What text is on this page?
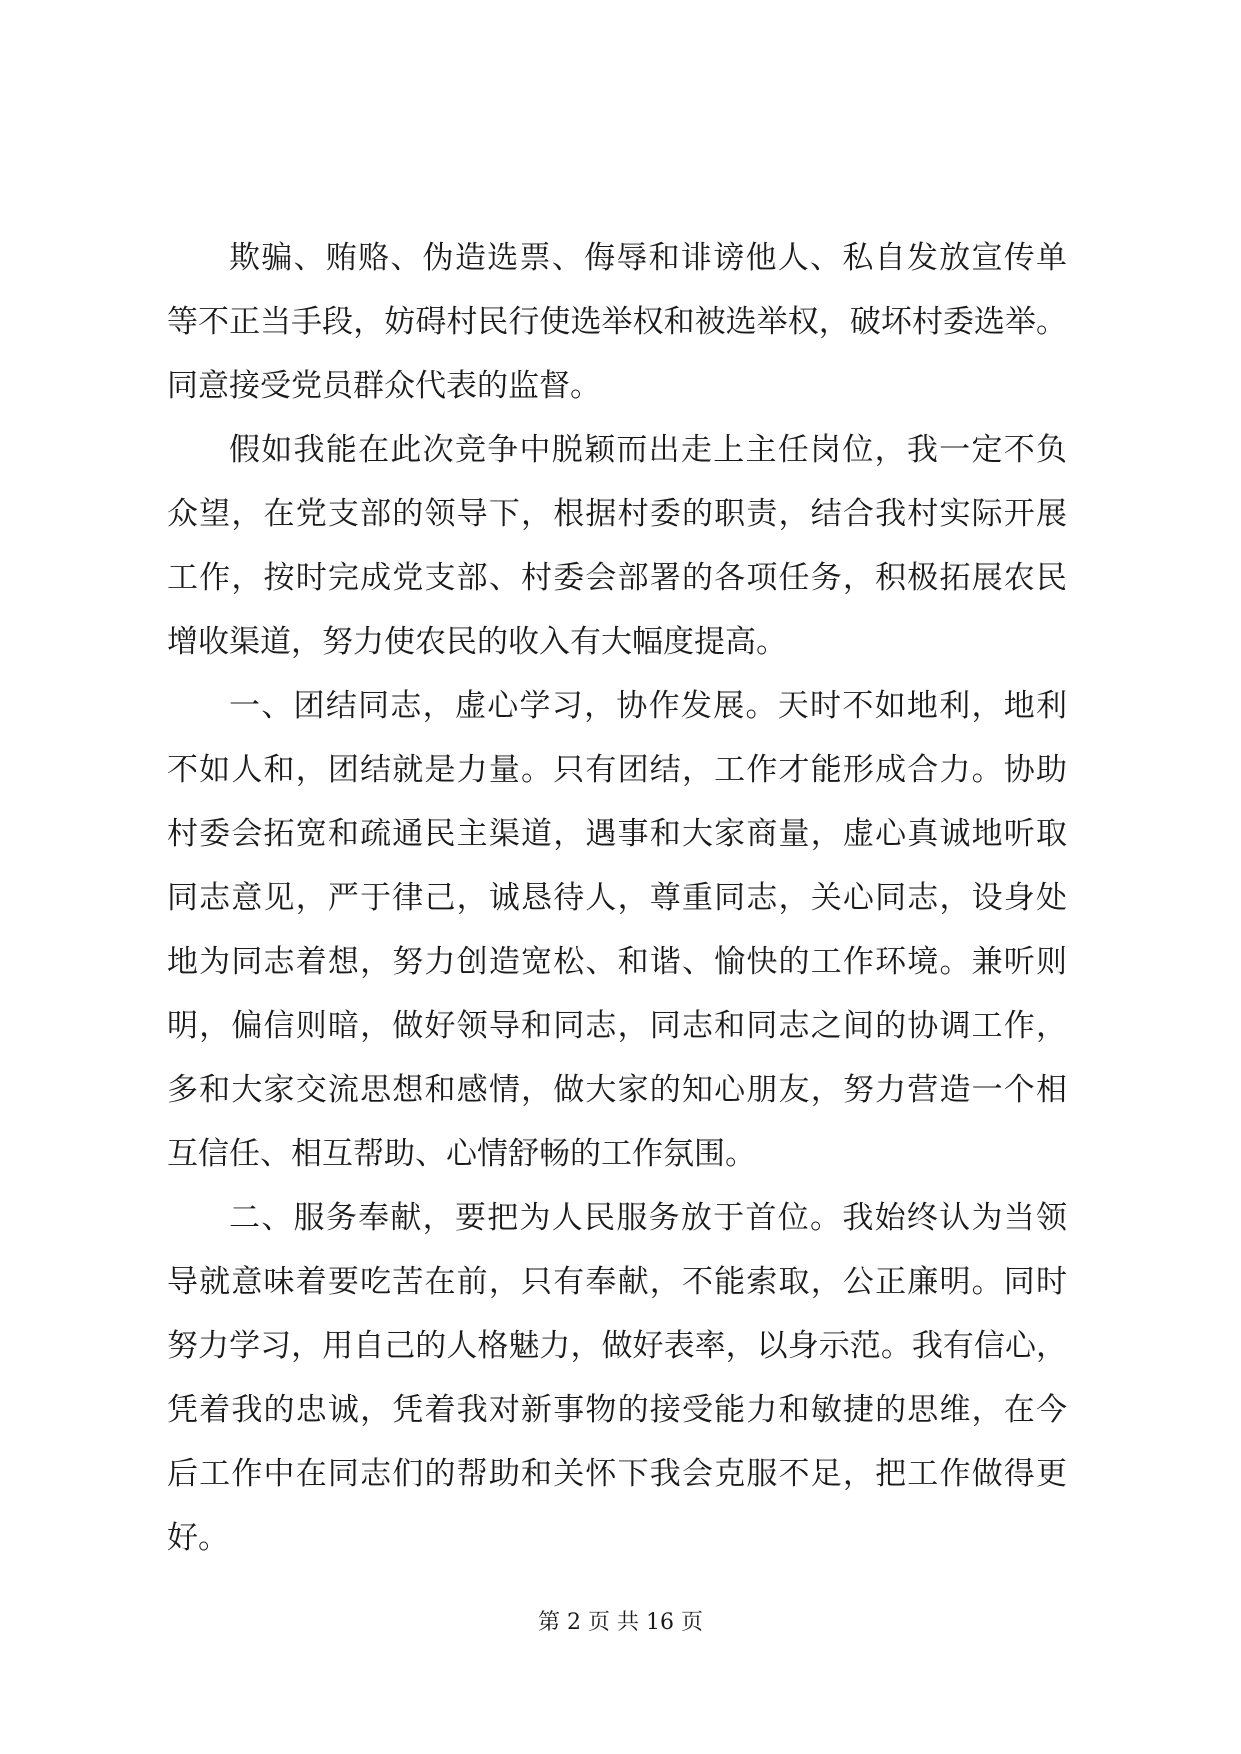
欺骗、贿赂、伪造选票、侮辱和诽谤他人、私自发放宣传单
等不正当手段，妨碍村民行使选举权和被选举权，破坏村委选举。
同意接受党员群众代表的监督。
假如我能在此次竞争中脱颖而出走上主任岗位，我一定不负
众望，在党支部的领导下，根据村委的职责，结合我村实际开展
工作，按时完成党支部、村委会部署的各项任务，积极拓展农民
增收渠道，努力使农民的收入有大幅度提高。
一、团结同志，虚心学习，协作发展。天时不如地利，地利
不如人和，团结就是力量。只有团结，工作才能形成合力。协助
村委会拓宽和疏通民主渠道，遇事和大家商量，虚心真诚地听取
同志意见，严于律己，诚恳待人，尊重同志，关心同志，设身处
地为同志着想，努力创造宽松、和谐、愉快的工作环境。兼听则
明，偏信则暗，做好领导和同志，同志和同志之间的协调工作，
多和大家交流思想和感情，做大家的知心朋友，努力营造一个相
互信任、相互帮助、心情舒畅的工作氛围。
二、服务奉献，要把为人民服务放于首位。我始终认为当领
导就意味着要吃苦在前，只有奉献，不能索取，公正廉明。同时
努力学习，用自己的人格魅力，做好表率，以身示范。我有信心，
凭着我的忠诚，凭着我对新事物的接受能力和敏捷的思维，在今
后工作中在同志们的帮助和关怀下我会克服不足，把工作做得更
好。
第 2 页 共 16 页
